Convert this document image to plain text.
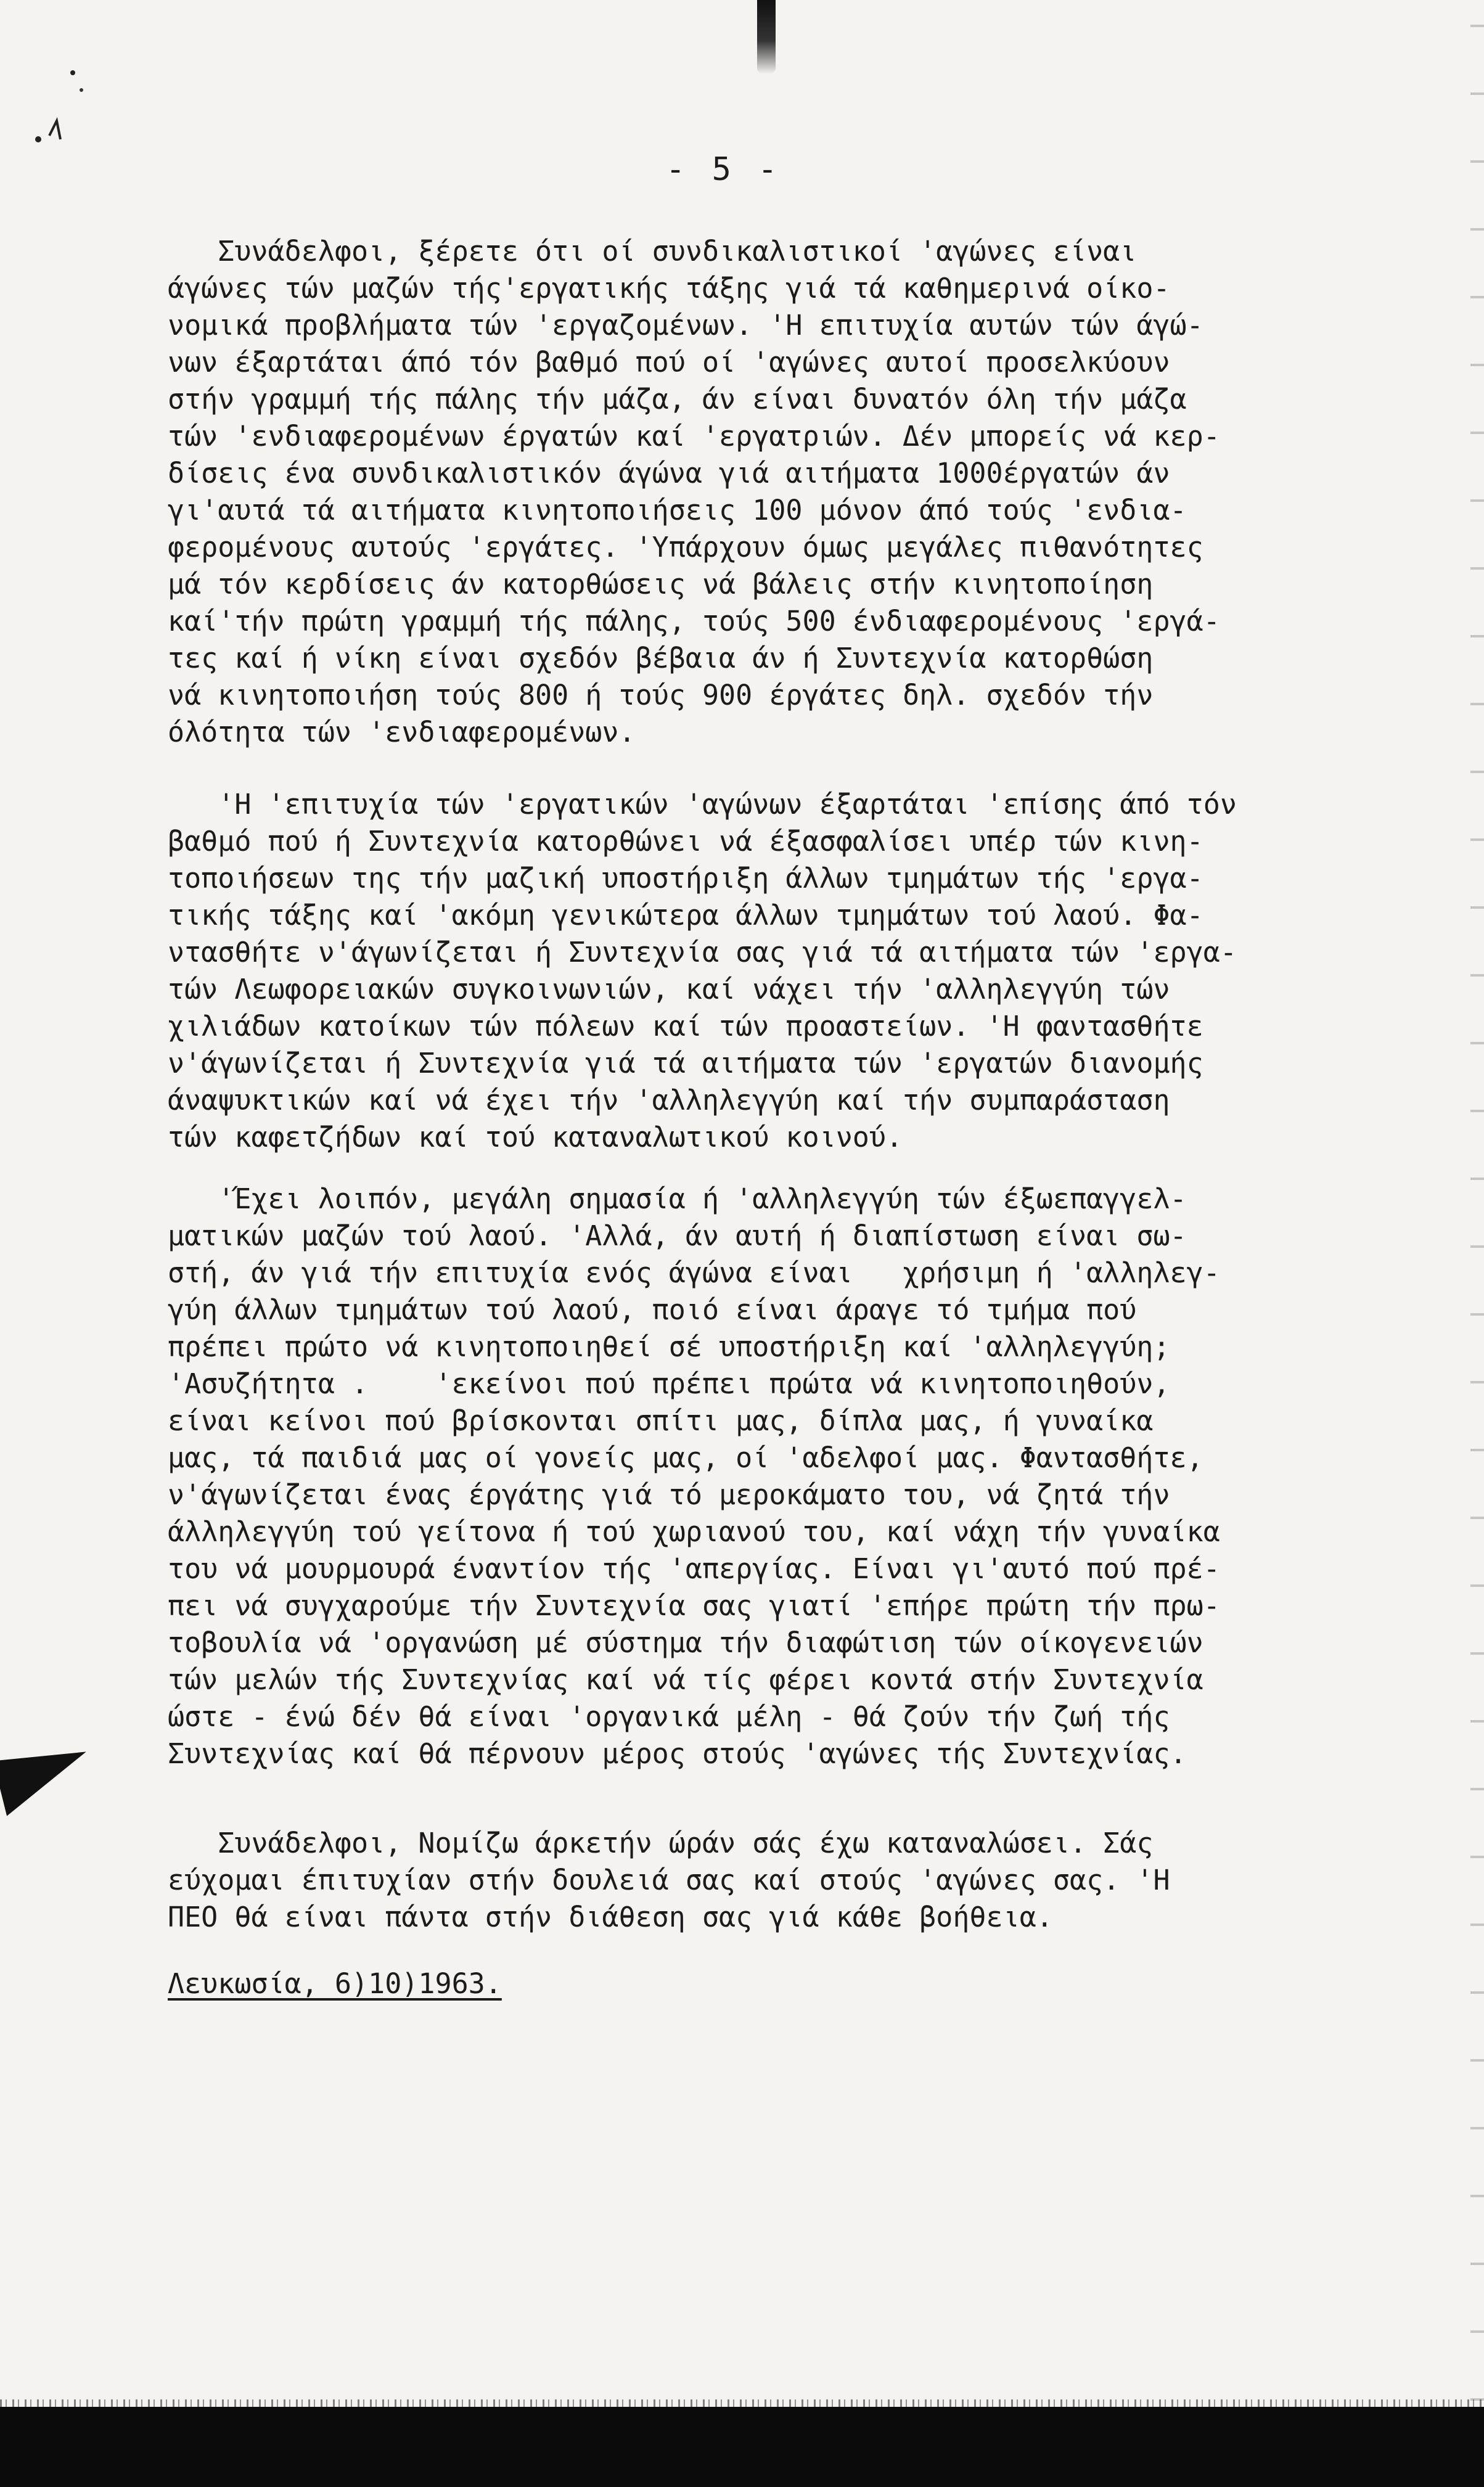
- 5 -

Συνάδελφοι, ξέρετε ότι οί συνδικαλιστικοί 'αγώνες είναι
άγώνες τών μαζών τής'εργατικής τάξης γιά τά καθημερινά οίκο-
νομικά προβλήματα τών 'εργαζομένων. 'Η επιτυχία αυτών τών άγώ-
νων έξαρτάται άπό τόν βαθμό πού οί 'αγώνες αυτοί προσελκύουν
στήν γραμμή τής πάλης τήν μάζα, άν είναι δυνατόν όλη τήν μάζα
τών 'ενδιαφερομένων έργατών καί 'εργατριών. Δέν μπορείς νά κερ-
δίσεις ένα συνδικαλιστικόν άγώνα γιά αιτήματα 1000έργατών άν
γι'αυτά τά αιτήματα κινητοποιήσεις 100 μόνον άπό τούς 'ενδια-
φερομένους αυτούς 'εργάτες. 'Υπάρχουν όμως μεγάλες πιθανότητες
μά τόν κερδίσεις άν κατορθώσεις νά βάλεις στήν κινητοποίηση
καί'τήν πρώτη γραμμή τής πάλης, τούς 500 ένδιαφερομένους 'εργά-
τες καί ή νίκη είναι σχεδόν βέβαια άν ή Συντεχνία κατορθώση
νά κινητοποιήση τούς 800 ή τούς 900 έργάτες δηλ. σχεδόν τήν
όλότητα τών 'ενδιαφερομένων.

'Η 'επιτυχία τών 'εργατικών 'αγώνων έξαρτάται 'επίσης άπό τόν
βαθμό πού ή Συντεχνία κατορθώνει νά έξασφαλίσει υπέρ τών κινη-
τοποιήσεων της τήν μαζική υποστήριξη άλλων τμημάτων τής 'εργα-
τικής τάξης καί 'ακόμη γενικώτερα άλλων τμημάτων τού λαού. Φα-
ντασθήτε ν'άγωνίζεται ή Συντεχνία σας γιά τά αιτήματα τών 'εργα-
τών Λεωφορειακών συγκοινωνιών, καί νάχει τήν 'αλληλεγγύη τών
χιλιάδων κατοίκων τών πόλεων καί τών προαστείων. 'Η φαντασθήτε
ν'άγωνίζεται ή Συντεχνία γιά τά αιτήματα τών 'εργατών διανομής
άναψυκτικών καί νά έχει τήν 'αλληλεγγύη καί τήν συμπαράσταση
τών καφετζήδων καί τού καταναλωτικού κοινού.

'Έχει λοιπόν, μεγάλη σημασία ή 'αλληλεγγύη τών έξωεπαγγελ-
ματικών μαζών τού λαού. 'Αλλά, άν αυτή ή διαπίστωση είναι σω-
στή, άν γιά τήν επιτυχία ενός άγώνα είναι   χρήσιμη ή 'αλληλεγ-
γύη άλλων τμημάτων τού λαού, ποιό είναι άραγε τό τμήμα πού
πρέπει πρώτο νά κινητοποιηθεί σέ υποστήριξη καί 'αλληλεγγύη;
'Ασυζήτητα .    'εκείνοι πού πρέπει πρώτα νά κινητοποιηθούν,
είναι κείνοι πού βρίσκονται σπίτι μας, δίπλα μας, ή γυναίκα
μας, τά παιδιά μας οί γονείς μας, οί 'αδελφοί μας. Φαντασθήτε,
ν'άγωνίζεται ένας έργάτης γιά τό μεροκάματο του, νά ζητά τήν
άλληλεγγύη τού γείτονα ή τού χωριανού του, καί νάχη τήν γυναίκα
του νά μουρμουρά έναντίον τής 'απεργίας. Είναι γι'αυτό πού πρέ-
πει νά συγχαρούμε τήν Συντεχνία σας γιατί 'επήρε πρώτη τήν πρω-
τοβουλία νά 'οργανώση μέ σύστημα τήν διαφώτιση τών οίκογενειών
τών μελών τής Συντεχνίας καί νά τίς φέρει κοντά στήν Συντεχνία
ώστε - ένώ δέν θά είναι 'οργανικά μέλη - θά ζούν τήν ζωή τής
Συντεχνίας καί θά πέρνουν μέρος στούς 'αγώνες τής Συντεχνίας.

Συνάδελφοι, Νομίζω άρκετήν ώράν σάς έχω καταναλώσει. Σάς
εύχομαι έπιτυχίαν στήν δουλειά σας καί στούς 'αγώνες σας. 'Η
ΠΕΟ θά είναι πάντα στήν διάθεση σας γιά κάθε βοήθεια.

Λευκωσία, 6)10)1963.
